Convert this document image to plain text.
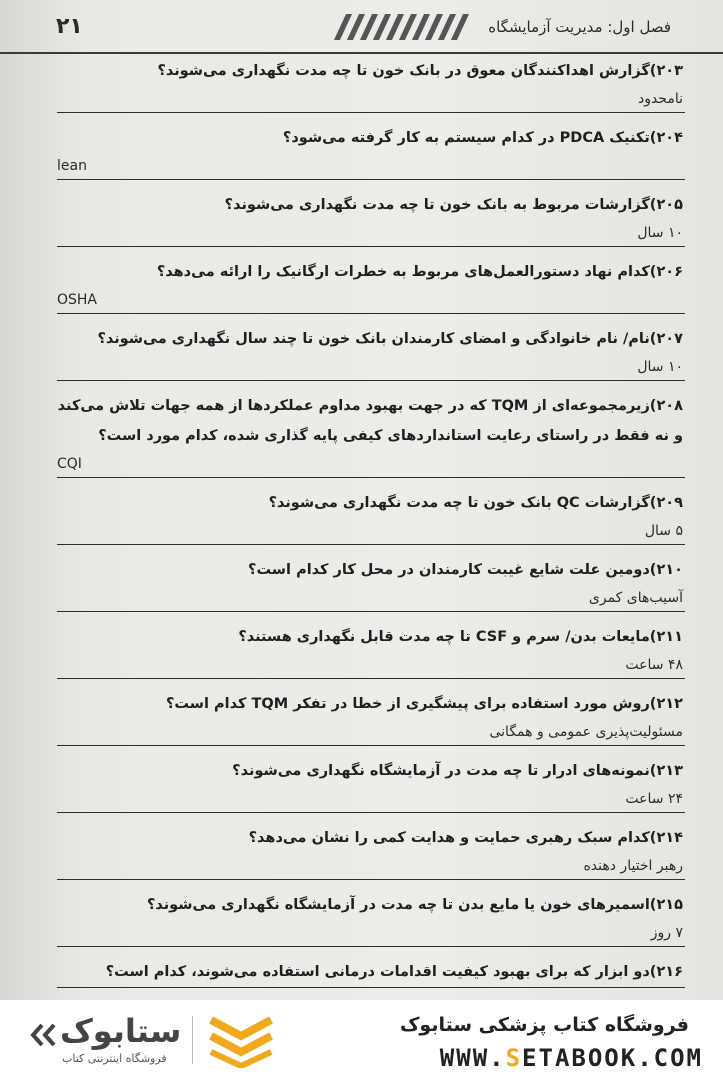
۲۱	فصل اول: مدیریت آزمایشگاه
۲۰۳)گزارش اهداکنندگان معوق در بانک خون تا چه مدت نگهداری می‌شوند؟
نامحدود
۲۰۴)تکنیک PDCA در کدام سیستم به کار گرفته می‌شود؟
lean
۲۰۵)گزارشات مربوط به بانک خون تا چه مدت نگهداری می‌شوند؟
۱۰ سال
۲۰۶)کدام نهاد دستورالعمل‌های مربوط به خطرات ارگانیک را ارائه می‌دهد؟
OSHA
۲۰۷)نام/ نام خانوادگی و امضای کارمندان بانک خون تا چند سال نگهداری می‌شوند؟
۱۰ سال
۲۰۸)زیرمجموعه‌ای از TQM که در جهت بهبود مداوم عملکردها از همه جهات تلاش می‌کند و نه فقط در راستای رعایت استانداردهای کیفی پایه گذاری شده، کدام مورد است؟
CQI
۲۰۹)گزارشات QC بانک خون تا چه مدت نگهداری می‌شوند؟
۵ سال
۲۱۰)دومین علت شایع غیبت کارمندان در محل کار کدام است؟
آسیب‌های کمری
۲۱۱)مایعات بدن/ سرم و CSF تا چه مدت قابل نگهداری هستند؟
۴۸ ساعت
۲۱۲)روش مورد استفاده برای پیشگیری از خطا در تفکر TQM کدام است؟
مسئولیت‌پذیری عمومی و همگانی
۲۱۳)نمونه‌های ادرار تا چه مدت در آزمایشگاه نگهداری می‌شوند؟
۲۴ ساعت
۲۱۴)کدام سبک رهبری حمایت و هدایت کمی را نشان می‌دهد؟
رهبر اختیار دهنده
۲۱۵)اسمیرهای خون یا مایع بدن تا چه مدت در آزمایشگاه نگهداری می‌شوند؟
۷ روز
۲۱۶)دو ابزار که برای بهبود کیفیت اقدامات درمانی استفاده می‌شوند، کدام است؟
ستابوک
فروشگاه اینترنتی کتاب
فروشگاه کتاب پزشکی ستابوک
WWW.SETABOOK.COM
